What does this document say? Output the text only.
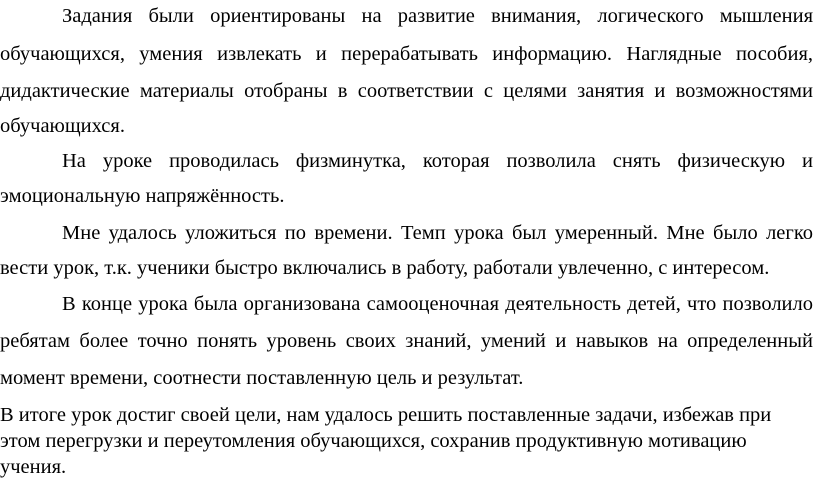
Задания были ориентированы на развитие внимания, логического мышления
обучающихся, умения извлекать и перерабатывать информацию. Наглядные пособия,
дидактические материалы отобраны в соответствии с целями занятия и возможностями
обучающихся.
На уроке проводилась физминутка, которая позволила снять физическую и
эмоциональную напряжённость.
Мне удалось уложиться по времени. Темп урока был умеренный. Мне было легко
вести урок, т.к. ученики быстро включались в работу, работали увлеченно, с интересом.
В конце урока была организована самооценочная деятельность детей, что позволило
ребятам более точно понять уровень своих знаний, умений и навыков на определенный
момент времени, соотнести поставленную цель и результат.
В итоге урок достиг своей цели, нам удалось решить поставленные задачи, избежав при
этом перегрузки и переутомления обучающихся, сохранив продуктивную мотивацию
учения.
